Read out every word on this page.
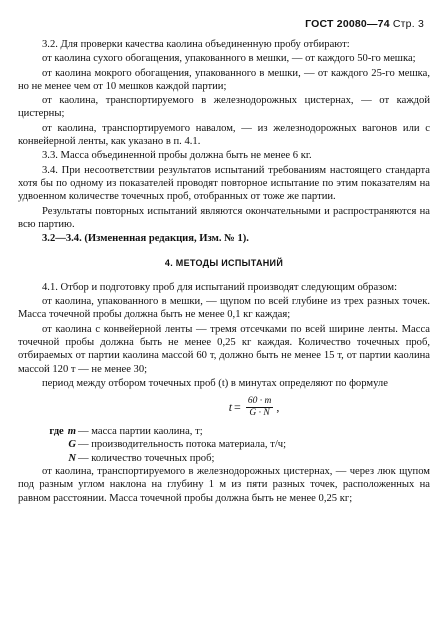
ГОСТ 20080—74 Стр. 3

3.2. Для проверки качества каолина объединенную пробу отбирают:

от каолина сухого обогащения, упакованного в мешки, — от каждого 50-го мешка;

от каолина мокрого обогащения, упакованного в мешки, — от каждого 25-го мешка, но не менее чем от 10 мешков каждой партии;

от каолина, транспортируемого в железнодорожных цистернах, — от каждой цистерны;

от каолина, транспортируемого навалом, — из железнодорожных вагонов или с конвейерной ленты, как указано в п. 4.1.

3.3. Масса объединенной пробы должна быть не менее 6 кг.

3.4. При несоответствии результатов испытаний требованиям настоящего стандарта хотя бы по одному из показателей проводят повторное испытание по этим показателям на удвоенном количестве точечных проб, отобранных от тоже же партии.

Результаты повторных испытаний являются окончательными и распространяются на всю партию.

3.2—3.4. (Измененная редакция, Изм. № 1).

4. МЕТОДЫ ИСПЫТАНИЙ

4.1. Отбор и подготовку проб для испытаний производят следующим образом:

от каолина, упакованного в мешки, — щупом по всей глубине из трех разных точек. Масса точечной пробы должна быть не менее 0,1 кг каждая;

от каолина с конвейерной ленты — тремя отсечками по всей ширине ленты. Масса точечной пробы должна быть не менее 0,25 кг каждая. Количество точечных проб, отбираемых от партии каолина массой 60 т, должно быть не менее 15 т, от партии каолина массой 120 т — не менее 30;

период между отбором точечных проб (t) в минутах определяют по формуле

$t = \frac{60 \cdot m}{G \cdot N}$ ,
где m — масса партии каолина, т;
G — производительность потока материала, т/ч;
N — количество точечных проб;

от каолина, транспортируемого в железнодорожных цистернах, — через люк щупом под разным углом наклона на глубину 1 м из пяти разных точек, расположенных на равном расстоянии. Масса точечной пробы должна быть не менее 0,25 кг;
